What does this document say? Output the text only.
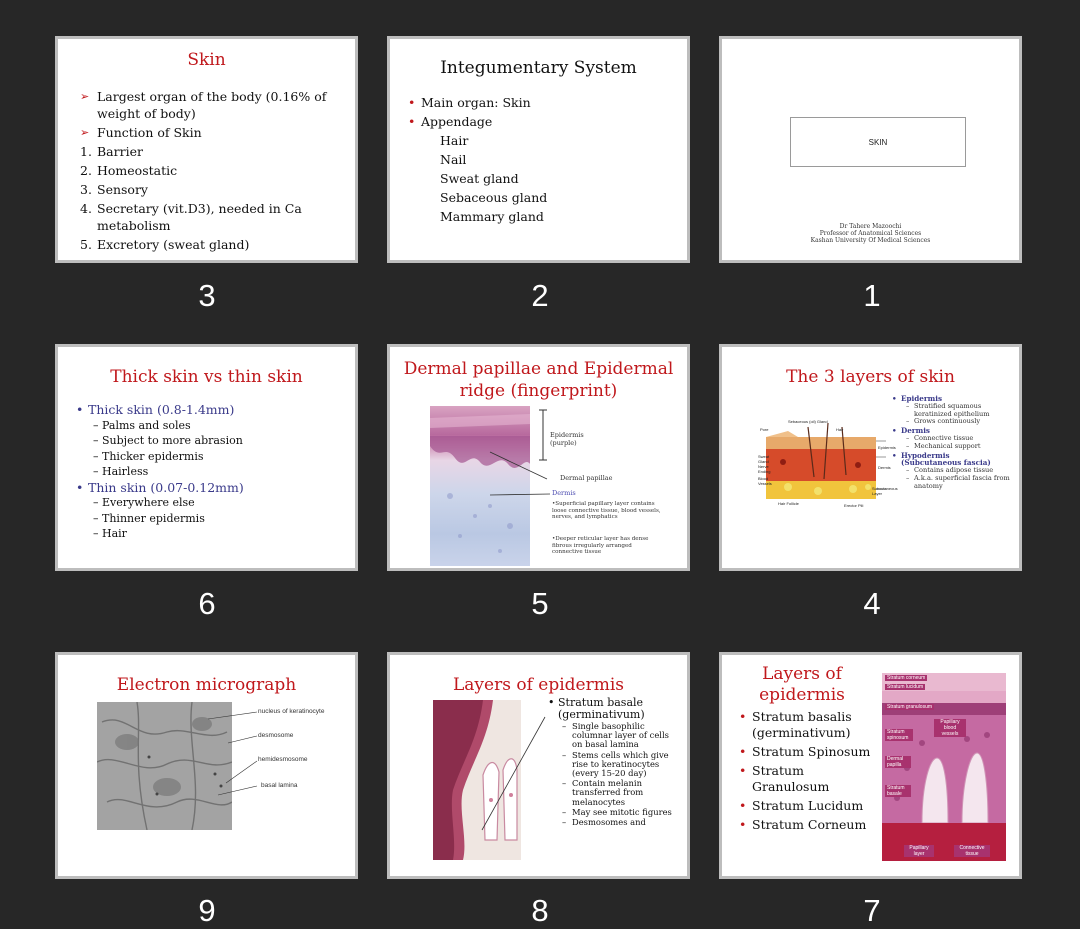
Skin
➢ Largest organ of the body (0.16% of weight of body)
➢ Function of Skin
1. Barrier
2. Homeostatic
3. Sensory
4. Secretary (vit.D3), needed in Ca metabolism
5. Excretory (sweat gland)
3
Integumentary System
• Main organ: Skin
• Appendage
Hair
Nail
Sweat gland
Sebaceous gland
Mammary gland
2
SKIN
Dr Tahere Mazoochi
Professor of Anatomical Sciences
Kashan University Of Medical Sciences
1
Thick skin vs thin skin
• Thick skin (0.8-1.4mm)
– Palms and soles
– Subject to more abrasion
– Thicker epidermis
– Hairless
• Thin skin (0.07-0.12mm)
– Everywhere else
– Thinner epidermis
– Hair
6
Dermal papillae and Epidermal ridge (fingerprint)
Epidermis (purple)
Dermal papillae
Dermis
•Superficial papillary layer contains loose connective tissue, blood vessels, nerves, and lymphatics
•Deeper reticular layer has dense fibrous irregularly arranged connective tissue
5
The 3 layers of skin
Sebaceous (oil) Gland
Pore	Hair
Epidermis
Dermis
Sweat Gland
Nerve Ending
Blood Vessels
Subcutaneous Layer
Hair Follicle	Erector Pili
• Epidermis
– Stratified squamous keratinized epithelium
– Grows continuously
• Dermis
– Connective tissue
– Mechanical support
• Hypodermis (Subcutaneous fascia)
– Contains adipose tissue
– A.k.a. superficial fascia from anatomy
4
Electron micrograph
nucleus of keratinocyte
desmosome
hemidesmosome
basal lamina
9
Layers of epidermis
• Stratum basale (germinativum)
– Single basophilic columnar layer of cells on basal lamina
– Stems cells which give rise to keratinocytes (every 15-20 day)
– Contain melanin transferred from melanocytes
– May see mitotic figures
– Desmosomes and
8
Layers of epidermis
• Stratum basalis (germinativum)
• Stratum Spinosum
• Stratum Granulosum
• Stratum Lucidum
• Stratum Corneum
Stratum corneum
Stratum lucidum
Stratum granulosum
Stratum spinosum
Papillary blood vessels
Dermal papilla
Stratum basale
Papillary layer
Connective tissue
7
